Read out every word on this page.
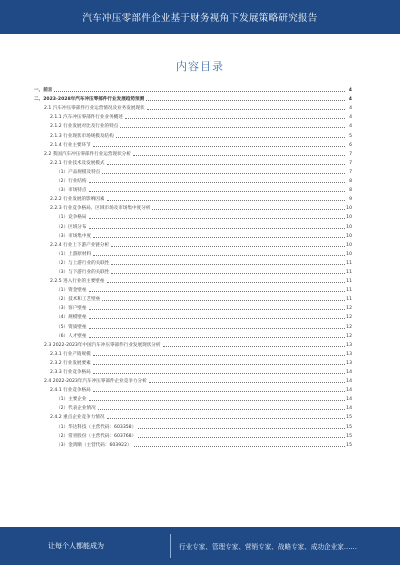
汽车冲压零部件企业基于财务视角下发展策略研究报告
内容目录
一、前言	4
二、2023-2028年汽车冲压零部件行业发展趋势预测	4
2.1 汽车冲压零部件行业运营情况及业务发展现状	4
2.1.1 汽车冲压零部件行业业务概述	4
2.1.2 行业发展对比及行业的特点	4
2.1.3 行业现状市场规模及结构	5
2.1.4 行业主要环节	6
2.2 我国汽车冲压零部件行业运营现状分析	7
2.2.1 行业技术及发展模式	7
（1）产品规模及特点	7
（2）行业结构	8
（3）市场特点	8
2.2.2 行业发展的影响因素	9
2.2.3 行业竞争格局、区域市场及市场集中度分析	10
（1）竞争格局	10
（2）区域分布	10
（3）市场集中度	10
2.2.4 行业上下游产业链分析	10
（1）上游原材料	10
（2）与上游行业的关联性	11
（3）与下游行业的关联性	11
2.2.5 进入行业的主要壁垒	11
（1）资金壁垒	11
（2）技术和工艺壁垒	11
（3）客户壁垒	12
（4）规模壁垒	12
（5）资质壁垒	12
（6）人才壁垒	12
2.3 2022-2023年中国汽车冲压零部件行业发展现状分析	13
2.3.1 行业产销规模	13
2.3.2 行业发展要素	13
2.3.3 行业竞争格局	14
2.4 2022-2023年汽车冲压零部件企业竞争力分析	14
2.4.1 行业竞争格局	14
（1）主要企业	14
（2）代表企业情况	14
2.4.2 重点企业竞争力情况	15
（1）华达科技（主营代码：603358）	15
（2）常青股份（主营代码：603768）	15
（3）金鸿顺（主营代码：603922）	15
让每个人都能成为	行业专家、管理专家、营销专家、战略专家、成功企业家……
